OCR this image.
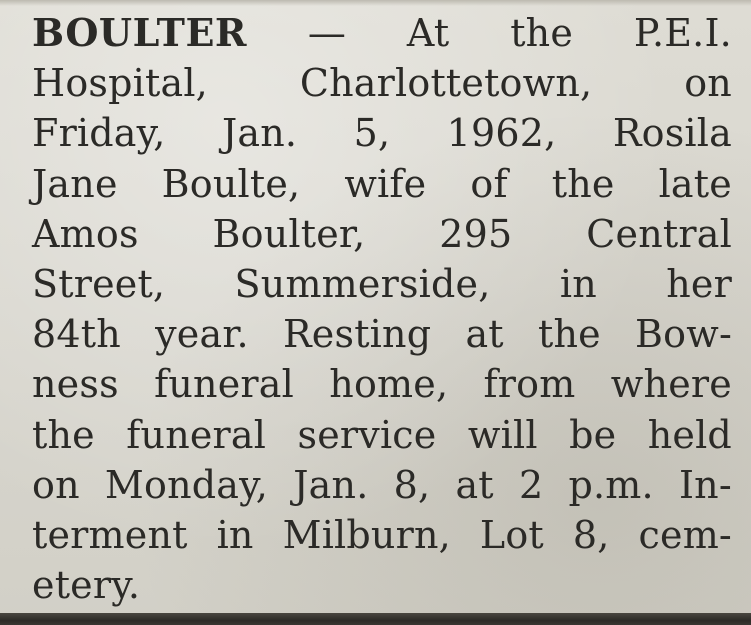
BOULTER — At the P.E.I.
Hospital, Charlottetown, on
Friday, Jan. 5, 1962, Rosila
Jane Boulte, wife of the late
Amos Boulter, 295 Central
Street, Summerside, in her
84th year. Resting at the Bow-
ness funeral home, from where
the funeral service will be held
on Monday, Jan. 8, at 2 p.m. In-
terment in Milburn, Lot 8, cem-
etery.
